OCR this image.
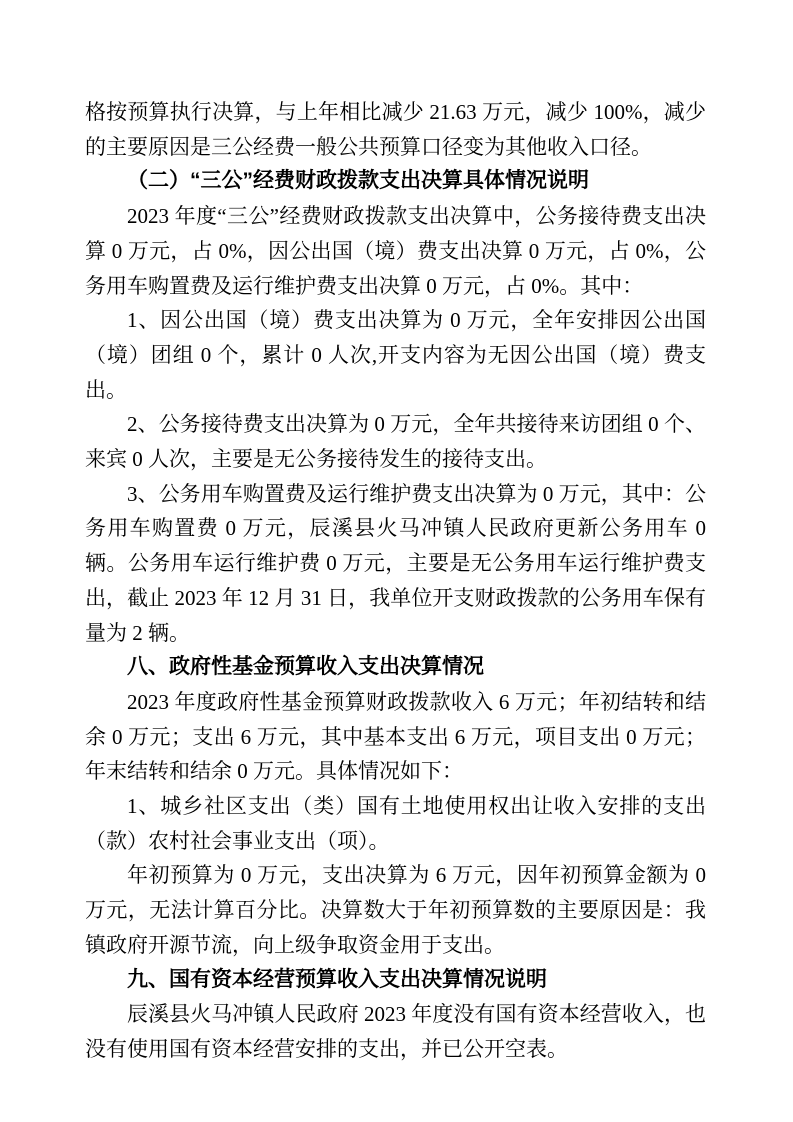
格按预算执行决算，与上年相比减少 21.63 万元，减少 100%，减少的主要原因是三公经费一般公共预算口径变为其他收入口径。

（二）“三公”经费财政拨款支出决算具体情况说明

2023 年度“三公”经费财政拨款支出决算中，公务接待费支出决算 0 万元，占 0%，因公出国（境）费支出决算 0 万元，占 0%，公务用车购置费及运行维护费支出决算 0 万元，占 0%。其中：

1、因公出国（境）费支出决算为 0 万元，全年安排因公出国（境）团组 0 个，累计 0 人次,开支内容为无因公出国（境）费支出。

2、公务接待费支出决算为 0 万元，全年共接待来访团组 0 个、来宾 0 人次，主要是无公务接待发生的接待支出。

3、公务用车购置费及运行维护费支出决算为 0 万元，其中：公务用车购置费 0 万元，辰溪县火马冲镇人民政府更新公务用车 0 辆。公务用车运行维护费 0 万元，主要是无公务用车运行维护费支出，截止 2023 年 12 月 31 日，我单位开支财政拨款的公务用车保有量为 2 辆。

八、政府性基金预算收入支出决算情况

2023 年度政府性基金预算财政拨款收入 6 万元；年初结转和结余 0 万元；支出 6 万元，其中基本支出 6 万元，项目支出 0 万元；年末结转和结余 0 万元。具体情况如下：

1、城乡社区支出（类）国有土地使用权出让收入安排的支出（款）农村社会事业支出（项）。

年初预算为 0 万元，支出决算为 6 万元，因年初预算金额为 0 万元，无法计算百分比。决算数大于年初预算数的主要原因是：我镇政府开源节流，向上级争取资金用于支出。

九、国有资本经营预算收入支出决算情况说明

辰溪县火马冲镇人民政府 2023 年度没有国有资本经营收入，也没有使用国有资本经营安排的支出，并已公开空表。
